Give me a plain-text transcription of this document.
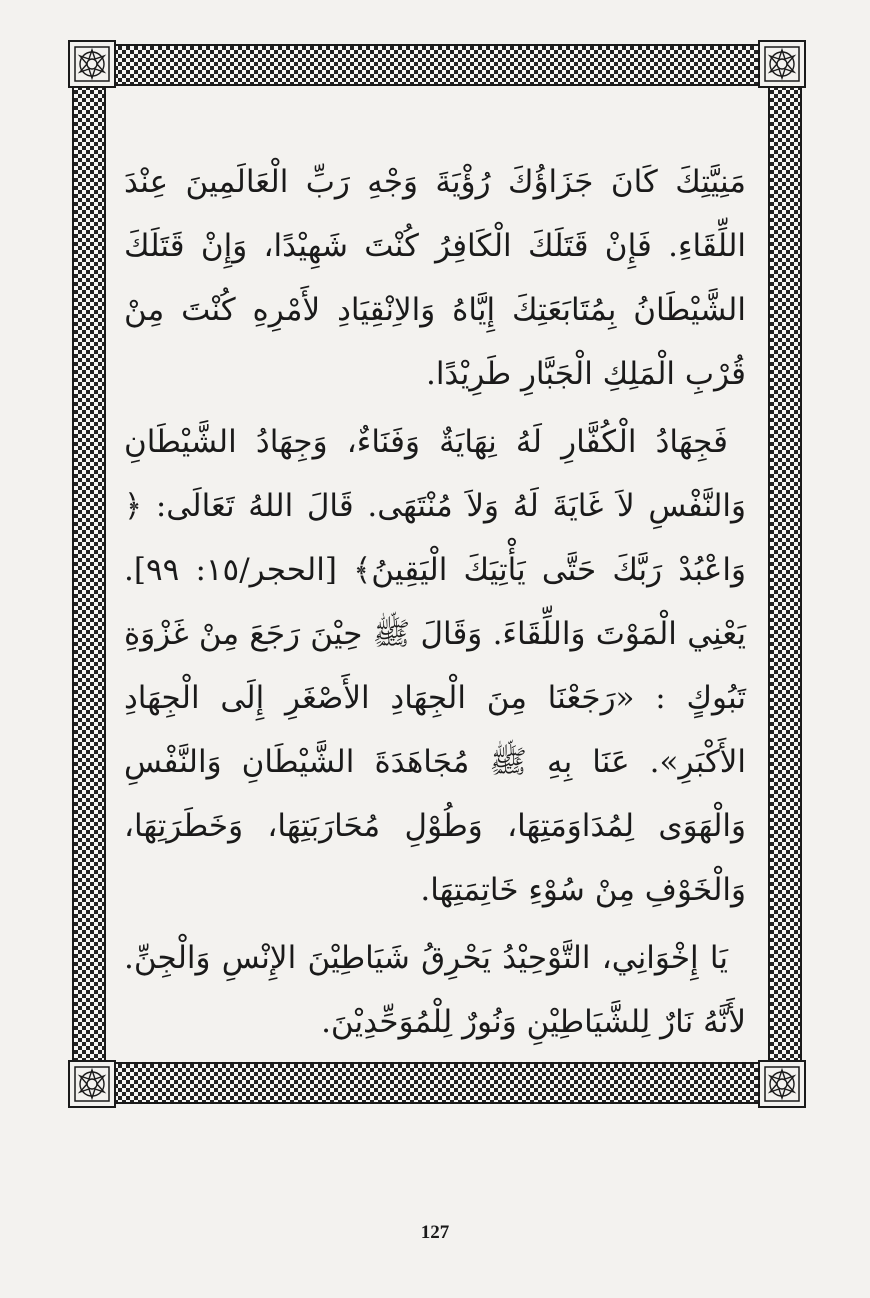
مَنِيَّتِكَ كَانَ جَزَاؤُكَ رُؤْيَةَ وَجْهِ رَبِّ الْعَالَمِينَ عِنْدَ اللِّقَاءِ. فَإِنْ قَتَلَكَ الْكَافِرُ كُنْتَ شَهِيْدًا، وَإِنْ قَتَلَكَ الشَّيْطَانُ بِمُتَابَعَتِكَ إِيَّاهُ وَالاِنْقِيَادِ لأَمْرِهِ كُنْتَ مِنْ قُرْبِ الْمَلِكِ الْجَبَّارِ طَرِيْدًا.

فَجِهَادُ الْكُفَّارِ لَهُ نِهَايَةٌ وَفَنَاءٌ، وَجِهَادُ الشَّيْطَانِ وَالنَّفْسِ لاَ غَايَةَ لَهُ وَلاَ مُنْتَهَى. قَالَ اللهُ تَعَالَى: ﴿ وَاعْبُدْ رَبَّكَ حَتَّى يَأْتِيَكَ الْيَقِينُ﴾ [الحجر/١٥: ٩٩]. يَعْنِي الْمَوْتَ وَاللِّقَاءَ. وَقَالَ ﷺ حِيْنَ رَجَعَ مِنْ غَزْوَةِ تَبُوكٍ : «رَجَعْنَا مِنَ الْجِهَادِ الأَصْغَرِ إِلَى الْجِهَادِ الأَكْبَرِ». عَنَا بِهِ ﷺ مُجَاهَدَةَ الشَّيْطَانِ وَالنَّفْسِ وَالْهَوَى لِمُدَاوَمَتِهَا، وَطُوْلِ مُحَارَبَتِهَا، وَخَطَرَتِهَا، وَالْخَوْفِ مِنْ سُوْءِ خَاتِمَتِهَا.

يَا إِخْوَانِي، التَّوْحِيْدُ يَحْرِقُ شَيَاطِيْنَ الإِنْسِ وَالْجِنِّ. لأَنَّهُ نَارٌ لِلشَّيَاطِيْنِ وَنُورٌ لِلْمُوَحِّدِيْنَ.

127
